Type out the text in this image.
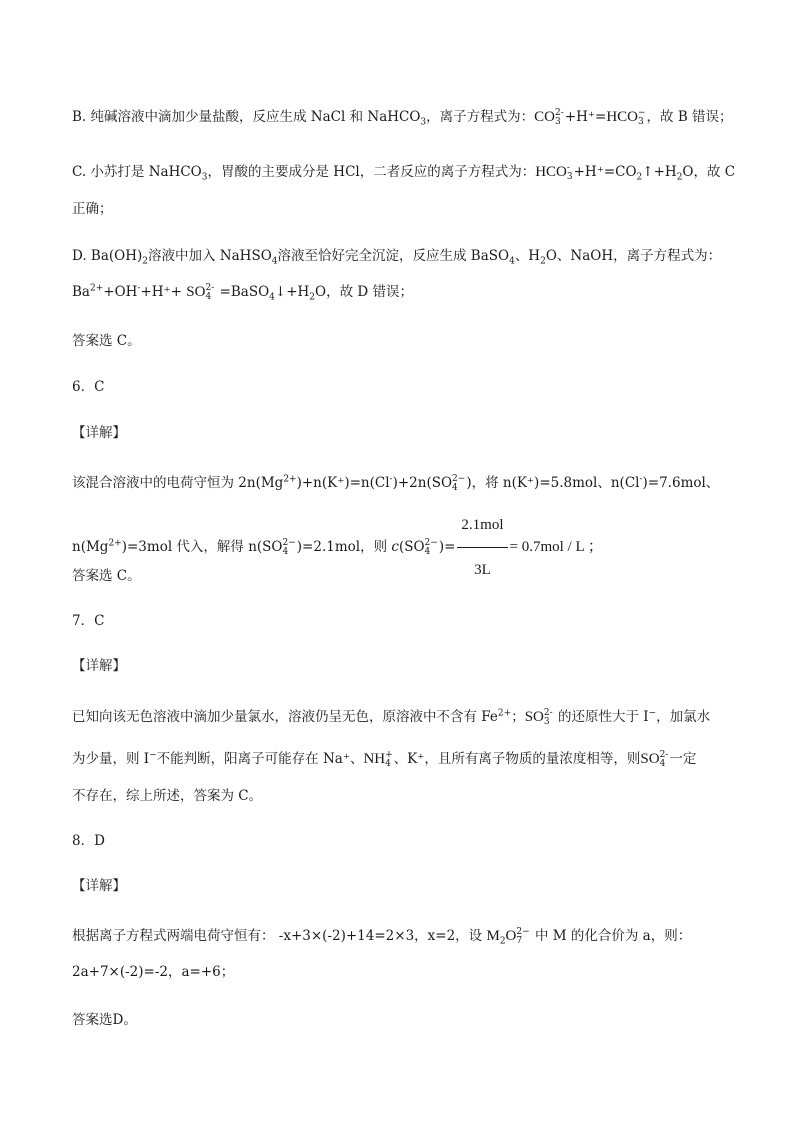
B. 纯碱溶液中滴加少量盐酸，反应生成 NaCl 和 NaHCO$_3$，离子方程式为：CO 2-
3 +H⁺=HCO −
3 ，故 B 错误；
C. 小苏打是 NaHCO$_3$，胃酸的主要成分是 HCl，二者反应的离子方程式为：HCO -
$3 +H^+=CO_2↑+H_2O$，故 C
正确；
D. $Ba(OH)_2$溶液中加入 NaHSO$_4$溶液至恰好完全沉淀，反应生成 BaSO$_4$、$H_2O$、NaOH，离子方程式为：
$Ba^{2+}+OH^-+H^++$ SO 2-
$4 =BaSO_4↓+H_2O$，故 D 错误；
答案选 C。
6．C
【详解】
该混合溶液中的电荷守恒为 $2n(Mg^{2+})+n(K^+)=n(Cl^-)+2n(SO$ 2−
4 )，将 n(K⁺)=5.8mol、n(Cl-)=7.6mol、
$n(Mg^{2+})=3mol$ 代入，解得 n(SO 2−
4 )=2.1mol，则 c(SO 2−
4 )= $\frac{\text{2.1mol}}{3L} = 0.7mol / L$ ；
答案选 C。
7．C
【详解】
已知向该无色溶液中滴加少量氯水，溶液仍呈无色，原溶液中不含有 $Fe^{2+}$；SO 2-
3 的还原性大于 I−，加氯水
为少量，则 I−不能判断，阳离子可能存在 Na⁺、NH +
4 、K⁺，且所有离子物质的量浓度相等，则SO 2-
4 一定
不存在，综上所述，答案为 C。
8．D
【详解】
根据离子方程式两端电荷守恒有： -x+3×(-2)+14=2×3，x=2，设 $M_2O$ 2−
7 中 M 的化合价为 a，则：
2a+7×(-2)=-2，a=+6；
答案选D。
